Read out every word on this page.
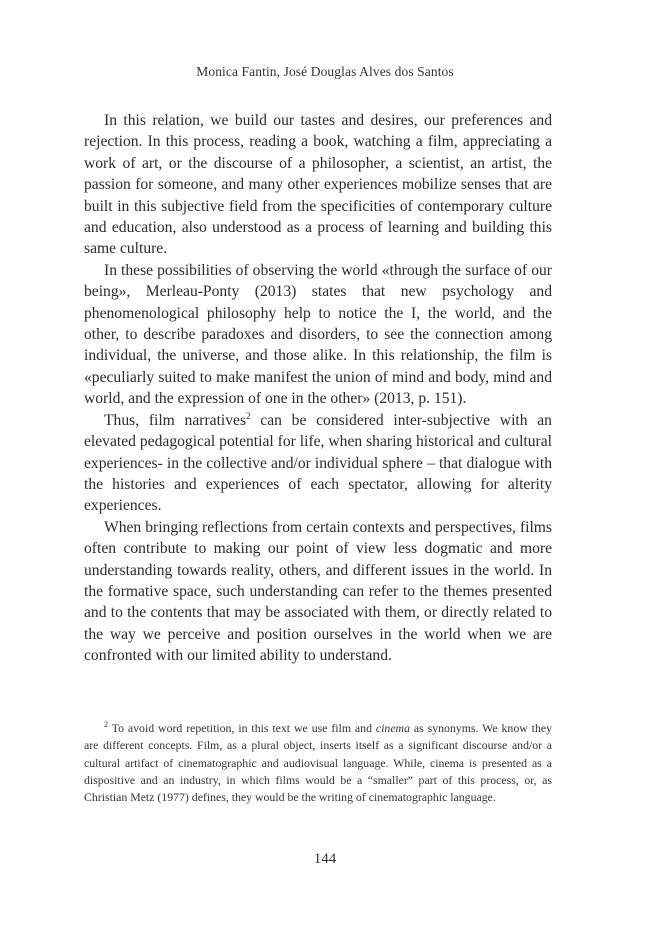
Monica Fantin, José Douglas Alves dos Santos

In this relation, we build our tastes and desires, our preferences and rejection. In this process, reading a book, watching a film, appreciating a work of art, or the discourse of a philosopher, a scientist, an artist, the passion for someone, and many other experiences mobilize senses that are built in this subjective field from the specificities of contemporary culture and education, also understood as a process of learning and building this same culture.

In these possibilities of observing the world «through the surface of our being», Merleau-Ponty (2013) states that new psychology and phenomenological philosophy help to notice the I, the world, and the other, to describe paradoxes and disorders, to see the connection among individual, the universe, and those alike. In this relationship, the film is «peculiarly suited to make manifest the union of mind and body, mind and world, and the expression of one in the other» (2013, p. 151).

Thus, film narratives$^2$ can be considered inter-subjective with an elevated pedagogical potential for life, when sharing historical and cultural experiences- in the collective and/or individual sphere – that dialogue with the histories and experiences of each spectator, allowing for alterity experiences.

When bringing reflections from certain contexts and perspectives, films often contribute to making our point of view less dogmatic and more understanding towards reality, others, and different issues in the world. In the formative space, such understanding can refer to the themes presented and to the contents that may be associated with them, or directly related to the way we perceive and position ourselves in the world when we are confronted with our limited ability to understand.

$^2$ To avoid word repetition, in this text we use film and cinema as synonyms. We know they are different concepts. Film, as a plural object, inserts itself as a significant discourse and/or a cultural artifact of cinematographic and audiovisual language. While, cinema is presented as a dispositive and an industry, in which films would be a “smaller” part of this process, or, as Christian Metz (1977) defines, they would be the writing of cinematographic language.

144
